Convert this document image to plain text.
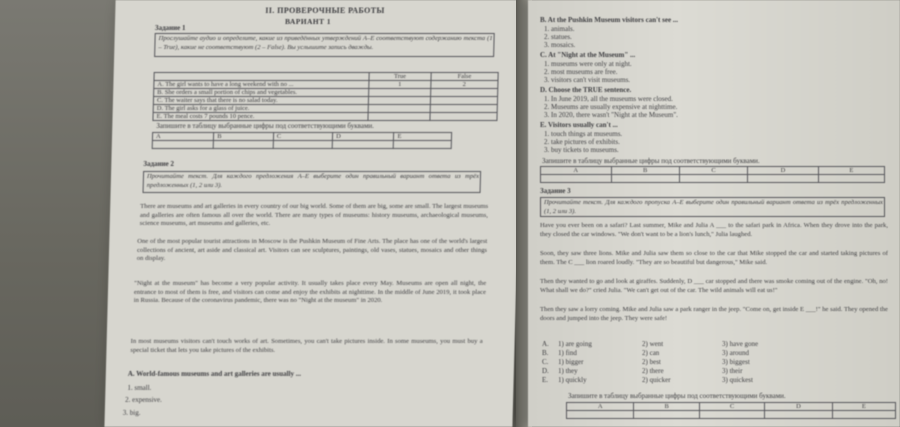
II. ПРОВЕРОЧНЫЕ РАБОТЫ
ВАРИАНТ 1
Задание 1
Прослушайте аудио и определите, какие из приведённых утверждений A–E соответствуют содержанию текста (1 – True), какие не соответствуют (2 – False). Вы услышите запись дважды.
	True	False
A. The girl wants to have a long weekend with no ...	1	2
B. She orders a small portion of chips and vegetables.		
C. The waiter says that there is no salad today.		
D. The girl asks for a glass of juice.		
E. The meal costs 7 pounds 10 pence.		
Запишите в таблицу выбранные цифры под соответствующими буквами.
A	B	C	D	E

Задание 2
Прочитайте текст. Для каждого предложения A–E выберите один правильный вариант ответа из трёх предложенных (1, 2 или 3).
There are museums and art galleries in every country of our big world. Some of them are big, some are small. The largest museums and galleries are often famous all over the world. There are many types of museums: history museums, archaeological museums, science museums, art museums and galleries, etc.
One of the most popular tourist attractions in Moscow is the Pushkin Museum of Fine Arts. The place has one of the world's largest collections of ancient, art aside and classical art. Visitors can see sculptures, paintings, old vases, statues, mosaics and other things on display.
"Night at the museum" has become a very popular activity. It usually takes place every May. Museums are open all night, the entrance to most of them is free, and visitors can come and enjoy the exhibits at nighttime. In the middle of June 2019, it took place in Russia. Because of the coronavirus pandemic, there was no "Night at the museum" in 2020.
In most museums visitors can't touch works of art. Sometimes, you can't take pictures inside. In some museums, you must buy a special ticket that lets you take pictures of the exhibits.
A. World-famous museums and art galleries are usually ...
1. small.
2. expensive.
3. big.
B. At the Pushkin Museum visitors can't see ...
1. animals.
2. statues.
3. mosaics.
C. At "Night at the Museum" ...
1. museums were only at night.
2. most museums are free.
3. visitors can't visit museums.
D. Choose the TRUE sentence.
1. In June 2019, all the museums were closed.
2. Museums are usually expensive at nighttime.
3. In 2020, there wasn't "Night at the Museum".
E. Visitors usually can't ...
1. touch things at museums.
2. take pictures of exhibits.
3. buy tickets to museums.
Запишите в таблицу выбранные цифры под соответствующими буквами.
A	B	C	D	E

Задание 3
Прочитайте текст. Для каждого пропуска A–E выберите один правильный вариант ответа из трёх предложенных (1, 2 или 3).
Have you ever been on a safari? Last summer, Mike and Julia A ___ to the safari park in Africa. When they drove into the park, they closed the car windows. "We don't want to be a lion's lunch," Julia laughed.
Soon, they saw three lions. Mike and Julia saw them so close to the car that Mike stopped the car and started taking pictures of them. The C ___ lion roared loudly. "They are so beautiful but dangerous," Mike said.
Then they wanted to go and look at giraffes. Suddenly, D ___ car stopped and there was smoke coming out of the engine. "Oh, no! What shall we do?" cried Julia. "We can't get out of the car. The wild animals will eat us!"
Then they saw a lorry coming. Mike and Julia saw a park ranger in the jeep. "Come on, get inside E ___!" he said. They opened the doors and jumped into the jeep. They were safe!
A. 1) are going	2) went	3) have gone
B. 1) find	2) can	3) around
C. 1) bigger	2) best	3) biggest
D. 1) they	2) there	3) their
E. 1) quickly	2) quicker	3) quickest
Запишите в таблицу выбранные цифры под соответствующими буквами.
A	B	C	D	E
